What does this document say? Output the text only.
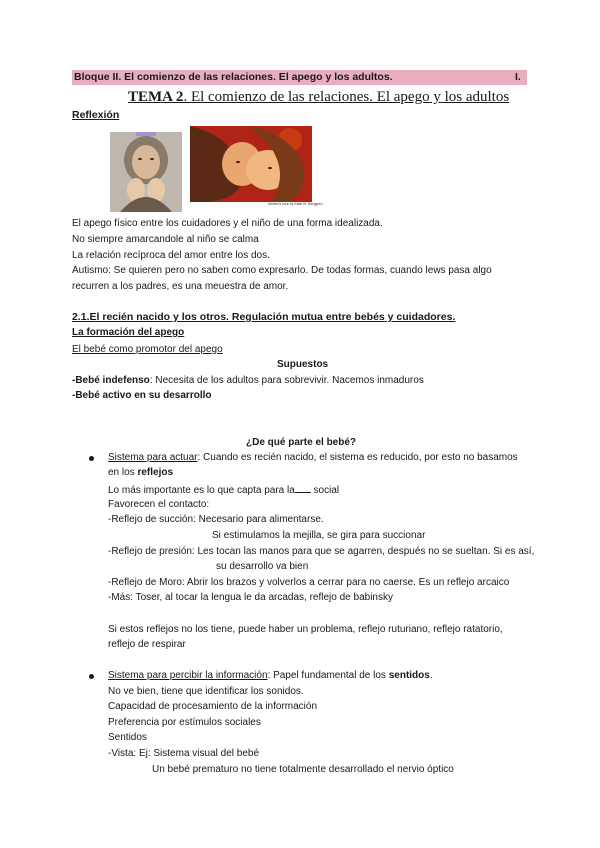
Bloque II. El comienzo de las relaciones. El apego y los adultos.	I.
TEMA 2. El comienzo de las relaciones. El apego y los adultos
Reflexión
Mother's love by Katie M. Berggren
El apego físico entre los cuidadores y el niño de una forma idealizada.
No siempre amarcandole al niño se calma
La relación recíproca del amor entre los dos.
Autismo: Se quieren pero no saben como expresarlo. De todas formas, cuando lews pasa algo
recurren a los padres, es una meuestra de amor.
2.1.El recién nacido y los otros. Regulación mutua entre bebés y cuidadores.
La formación del apego
El bebé como promotor del apego
Supuestos
-Bebé indefenso: Necesita de los adultos para sobrevivir. Nacemos inmaduros
-Bebé activo en su desarrollo
¿De qué parte el bebé?
Sistema para actuar: Cuando es recién nacido, el sistema es reducido, por esto no basamos
en los reflejos
Lo más importante es lo que capta para la social
Favorecen el contacto:
-Reflejo de succión: Necesario para alimentarse.
Si estimulamos la mejilla, se gira para succionar
-Reflejo de presión: Les tocan las manos para que se agarren, después no se sueltan. Si es así,
su desarrollo va bien
-Reflejo de Moro: Abrir los brazos y volverlos a cerrar para no caerse. Es un reflejo arcaico
-Más: Toser, al tocar la lengua le da arcadas, reflejo de babinsky
Si estos reflejos no los tiene, puede haber un problema, reflejo ruturiano, reflejo ratatorio,
reflejo de respirar
Sistema para percibir la información: Papel fundamental de los sentidos.
No ve bien, tiene que identificar los sonidos.
Capacidad de procesamiento de la información
Preferencia por estímulos sociales
Sentidos
-Vista: Ej: Sistema visual del bebé
Un bebé prematuro no tiene totalmente desarrollado el nervio óptico
